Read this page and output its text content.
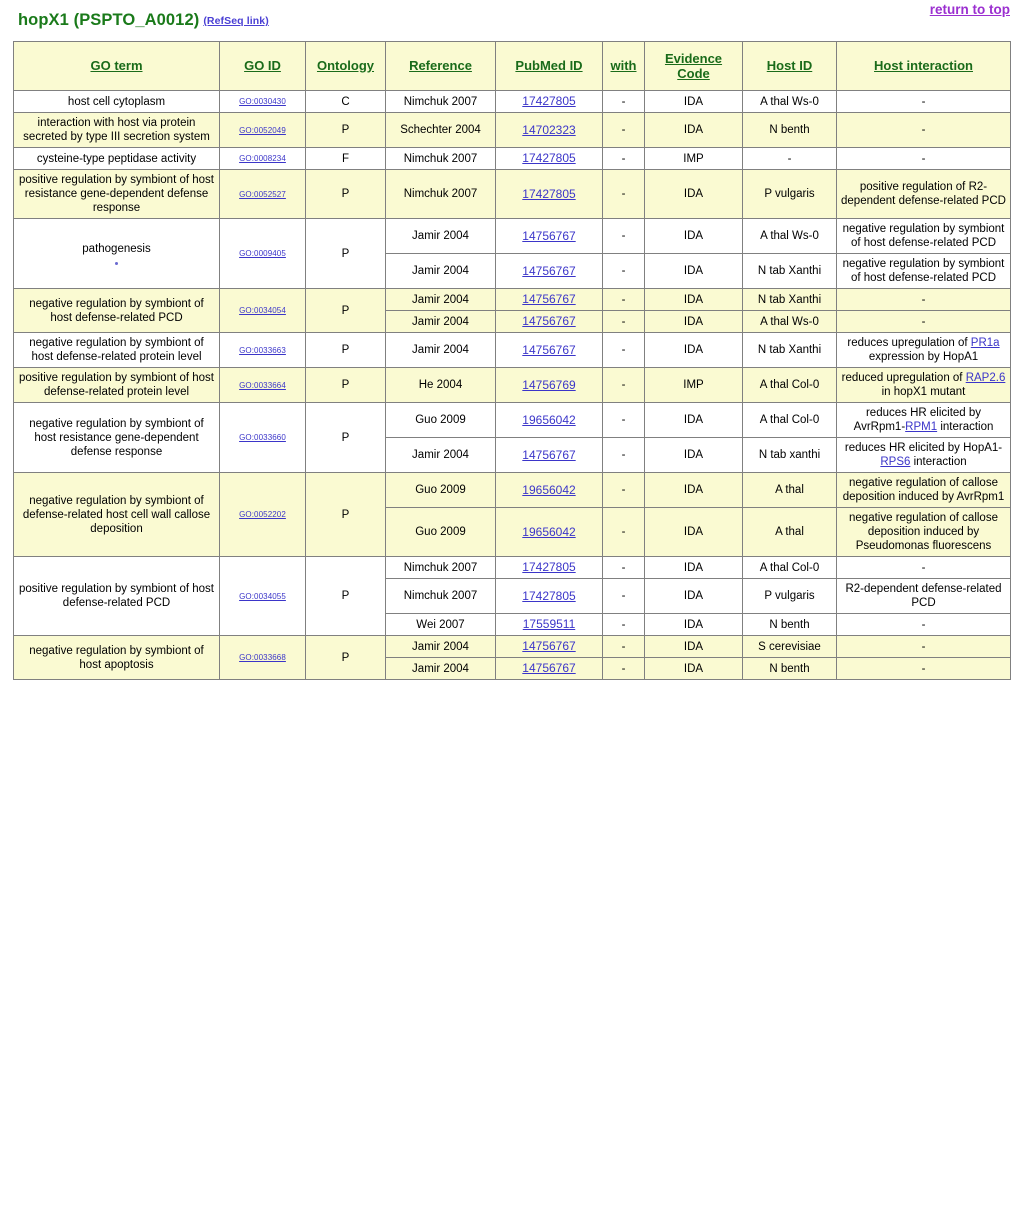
hopX1 (PSPTO_A0012) (RefSeq link)
return to top
GO term	GO ID	Ontology	Reference	PubMed ID	with	Evidence Code	Host ID	Host interaction
host cell cytoplasm	GO:0030430	C	Nimchuk 2007	17427805	-	IDA	A thal Ws-0	-
interaction with host via protein secreted by type III secretion system	GO:0052049	P	Schechter 2004	14702323	-	IDA	N benth	-
cysteine-type peptidase activity	GO:0008234	F	Nimchuk 2007	17427805	-	IMP	-	-
positive regulation by symbiont of host resistance gene-dependent defense response	GO:0052527	P	Nimchuk 2007	17427805	-	IDA	P vulgaris	positive regulation of R2-dependent defense-related PCD
pathogenesis	GO:0009405	P	Jamir 2004	14756767	-	IDA	A thal Ws-0	negative regulation by symbiont of host defense-related PCD
			Jamir 2004	14756767	-	IDA	N tab Xanthi	negative regulation by symbiont of host defense-related PCD
negative regulation by symbiont of host defense-related PCD	GO:0034054	P	Jamir 2004	14756767	-	IDA	N tab Xanthi	-
			Jamir 2004	14756767	-	IDA	A thal Ws-0	-
negative regulation by symbiont of host defense-related protein level	GO:0033663	P	Jamir 2004	14756767	-	IDA	N tab Xanthi	reduces upregulation of PR1a expression by HopA1
positive regulation by symbiont of host defense-related protein level	GO:0033664	P	He 2004	14756769	-	IMP	A thal Col-0	reduced upregulation of RAP2.6 in hopX1 mutant
negative regulation by symbiont of host resistance gene-dependent defense response	GO:0033660	P	Guo 2009	19656042	-	IDA	A thal Col-0	reduces HR elicited by AvrRpm1-RPM1 interaction
			Jamir 2004	14756767	-	IDA	N tab xanthi	reduces HR elicited by HopA1- RPS6 interaction
negative regulation by symbiont of defense-related host cell wall callose deposition	GO:0052202	P	Guo 2009	19656042	-	IDA	A thal	negative regulation of callose deposition induced by AvrRpm1
			Guo 2009	19656042	-	IDA	A thal	negative regulation of callose deposition induced by Pseudomonas fluorescens
positive regulation by symbiont of host defense-related PCD	GO:0034055	P	Nimchuk 2007	17427805	-	IDA	A thal Col-0	-
			Nimchuk 2007	17427805	-	IDA	P vulgaris	R2-dependent defense-related PCD
			Wei 2007	17559511	-	IDA	N benth	-
negative regulation by symbiont of host apoptosis	GO:0033668	P	Jamir 2004	14756767	-	IDA	S cerevisiae	-
			Jamir 2004	14756767	-	IDA	N benth	-
